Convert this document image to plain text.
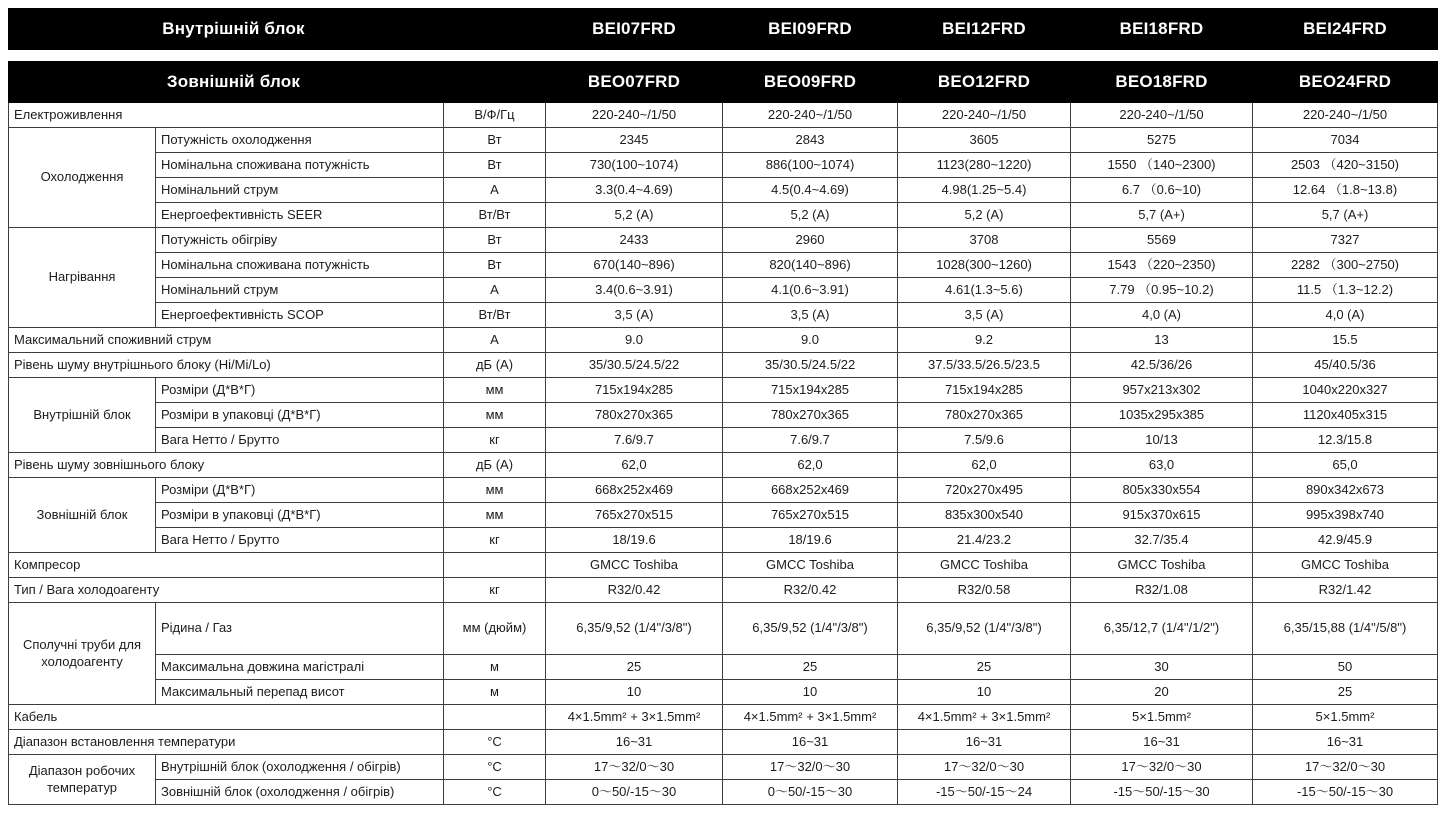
Внутрішній блок			BEI07FRD	BEI09FRD	BEI12FRD	BEI18FRD	BEI24FRD

Зовнішній блок			BEO07FRD	BEO09FRD	BEO12FRD	BEO18FRD	BEO24FRD
Електроживлення		В/Ф/Гц	220-240~/1/50	220-240~/1/50	220-240~/1/50	220-240~/1/50	220-240~/1/50
Охолодження	Потужність охолодження	Вт	2345	2843	3605	5275	7034
	Номінальна споживана потужність	Вт	730(100~1074)	886(100~1074)	1123(280~1220)	1550 （140~2300)	2503 （420~3150)
	Номінальний струм	А	3.3(0.4~4.69)	4.5(0.4~4.69)	4.98(1.25~5.4)	6.7 （0.6~10)	12.64 （1.8~13.8)
	Енергоефективність SEER	Вт/Вт	5,2 (A)	5,2 (A)	5,2 (A)	5,7 (A+)	5,7 (A+)
Нагрівання	Потужність обігріву	Вт	2433	2960	3708	5569	7327
	Номінальна споживана потужність	Вт	670(140~896)	820(140~896)	1028(300~1260)	1543 （220~2350)	2282 （300~2750)
	Номінальний струм	А	3.4(0.6~3.91)	4.1(0.6~3.91)	4.61(1.3~5.6)	7.79 （0.95~10.2)	11.5 （1.3~12.2)
	Енергоефективність SCOP	Вт/Вт	3,5 (A)	3,5 (A)	3,5 (A)	4,0 (A)	4,0 (A)
Максимальний споживний струм		А	9.0	9.0	9.2	13	15.5
Рівень шуму внутрішнього блоку (Hi/Mi/Lo)		дБ (А)	35/30.5/24.5/22	35/30.5/24.5/22	37.5/33.5/26.5/23.5	42.5/36/26	45/40.5/36
Внутрішній блок	Розміри (Д*В*Г)	мм	715x194x285	715x194x285	715x194x285	957x213x302	1040x220x327
	Розміри в упаковці (Д*В*Г)	мм	780x270x365	780x270x365	780x270x365	1035x295x385	1120x405x315
	Вага Нетто / Брутто	кг	7.6/9.7	7.6/9.7	7.5/9.6	10/13	12.3/15.8
Рівень шуму зовнішнього блоку		дБ (А)	62,0	62,0	62,0	63,0	65,0
Зовнішній блок	Розміри (Д*В*Г)	мм	668x252x469	668x252x469	720x270x495	805x330x554	890x342x673
	Розміри в упаковці (Д*В*Г)	мм	765x270x515	765x270x515	835x300x540	915x370x615	995x398x740
	Вага Нетто / Брутто	кг	18/19.6	18/19.6	21.4/23.2	32.7/35.4	42.9/45.9
Компресор			GMCC Toshiba	GMCC Toshiba	GMCC Toshiba	GMCC Toshiba	GMCC Toshiba
Тип / Вага холодоагенту		кг	R32/0.42	R32/0.42	R32/0.58	R32/1.08	R32/1.42
Сполучні труби для холодоагенту	Рідина / Газ	мм (дюйм)	6,35/9,52 (1/4"/3/8")	6,35/9,52 (1/4"/3/8")	6,35/9,52 (1/4"/3/8")	6,35/12,7 (1/4"/1/2")	6,35/15,88 (1/4"/5/8")
	Максимальна довжина магістралі	м	25	25	25	30	50
	Максимальный перепад висот	м	10	10	10	20	25
Кабель			4×1.5mm² + 3×1.5mm²	4×1.5mm² + 3×1.5mm²	4×1.5mm² + 3×1.5mm²	5×1.5mm²	5×1.5mm²
Діапазон встановлення температури		°С	16~31	16~31	16~31	16~31	16~31
Діапазон робочих температур	Внутрішній блок (охолодження / обігрів)	°С	17～32/0～30	17～32/0～30	17～32/0～30	17～32/0～30	17～32/0～30
	Зовнішній блок (охолодження / обігрів)	°С	0～50/-15～30	0～50/-15～30	-15～50/-15～24	-15～50/-15～30	-15～50/-15～30
